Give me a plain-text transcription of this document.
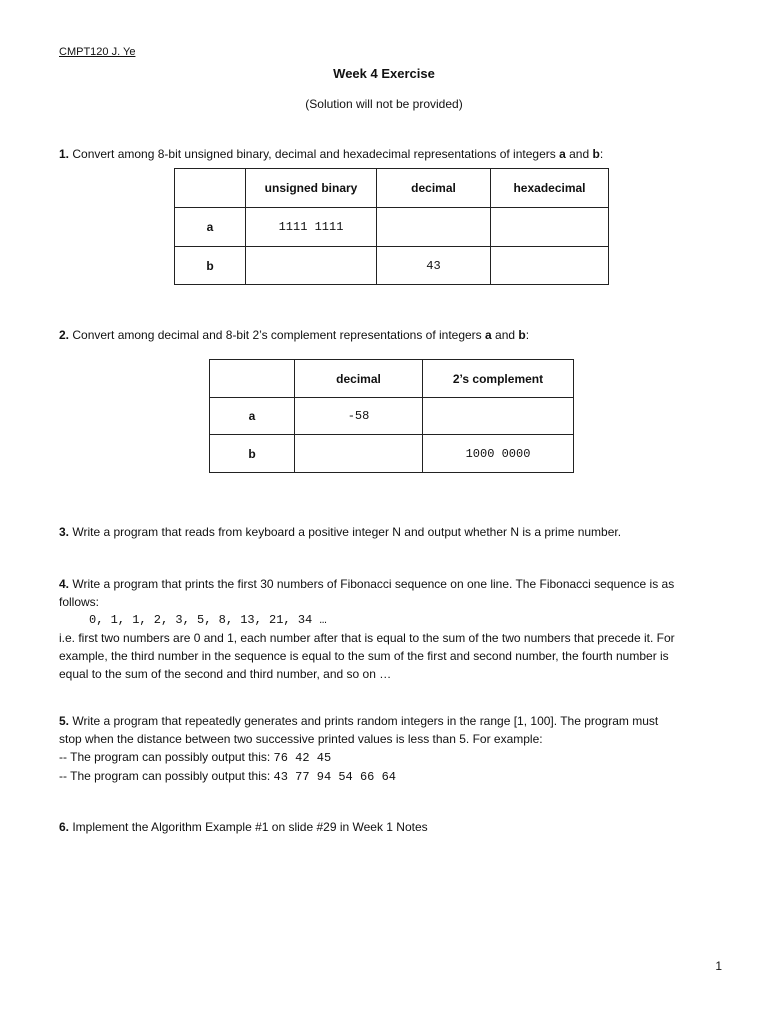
CMPT120 J. Ye
Week 4 Exercise
(Solution will not be provided)
1. Convert among 8-bit unsigned binary, decimal and hexadecimal representations of integers a and b:
	unsigned binary	decimal	hexadecimal
a	1111 1111		
b		43	
2. Convert among decimal and 8-bit 2’s complement representations of integers a and b:
	decimal	2’s complement
a	-58	
b		1000 0000
3. Write a program that reads from keyboard a positive integer N and output whether N is a prime number.
4. Write a program that prints the first 30 numbers of Fibonacci sequence on one line. The Fibonacci sequence is as
follows:
0, 1, 1, 2, 3, 5, 8, 13, 21, 34 …
i.e. first two numbers are 0 and 1, each number after that is equal to the sum of the two numbers that precede it. For
example, the third number in the sequence is equal to the sum of the first and second number, the fourth number is
equal to the sum of the second and third number, and so on …
5. Write a program that repeatedly generates and prints random integers in the range [1, 100]. The program must
stop when the distance between two successive printed values is less than 5. For example:
-- The program can possibly output this: 76 42 45
-- The program can possibly output this: 43 77 94 54 66 64
6. Implement the Algorithm Example #1 on slide #29 in Week 1 Notes
1
